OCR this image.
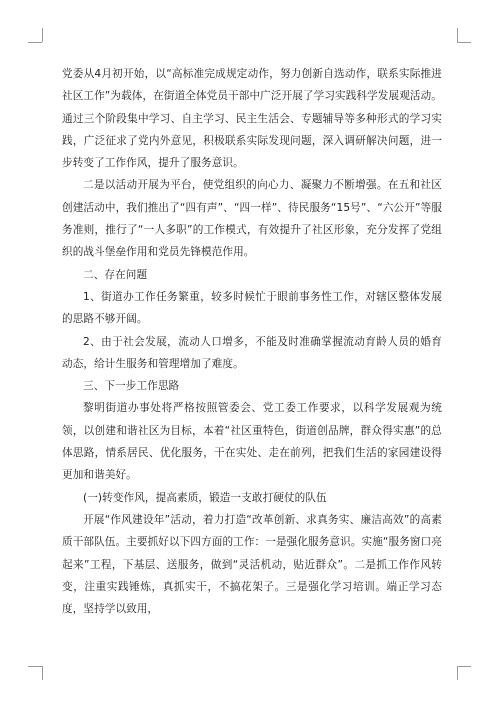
党委从4月初开始，以“高标准完成规定动作，努力创新自选动作，联系实际推进社区工作”为载体，在街道全体党员干部中广泛开展了学习实践科学发展观活动。通过三个阶段集中学习、自主学习、民主生活会、专题辅导等多种形式的学习实践，广泛征求了党内外意见，积极联系实际发现问题，深入调研解决问题，进一步转变了工作作风，提升了服务意识。

二是以活动开展为平台，使党组织的向心力、凝聚力不断增强。在五和社区创建活动中，我们推出了“四有声”、“四一样”、待民服务“15号”、“六公开”等服务准则，推行了“一人多职”的工作模式，有效提升了社区形象，充分发挥了党组织的战斗堡垒作用和党员先锋模范作用。

二、存在问题

1、街道办工作任务繁重，较多时候忙于眼前事务性工作，对辖区整体发展的思路不够开阔。

2、由于社会发展，流动人口增多，不能及时准确掌握流动育龄人员的婚育动态，给计生服务和管理增加了难度。

三、下一步工作思路

黎明街道办事处将严格按照管委会、党工委工作要求，以科学发展观为统领，以创建和谐社区为目标，本着“社区重特色，街道创品牌，群众得实惠”的总体思路，情系居民、优化服务，干在实处、走在前列，把我们生活的家园建设得更加和谐美好。

(一)转变作风，提高素质，锻造一支敢打硬仗的队伍

开展“作风建设年”活动，着力打造“改革创新、求真务实、廉洁高效”的高素质干部队伍。主要抓好以下四方面的工作：一是强化服务意识。实施“服务窗口亮起来”工程，下基层、送服务，做到“灵活机动，贴近群众”。二是抓工作作风转变，注重实践锤炼，真抓实干，不搞花架子。三是强化学习培训。端正学习态度，坚持学以致用，
